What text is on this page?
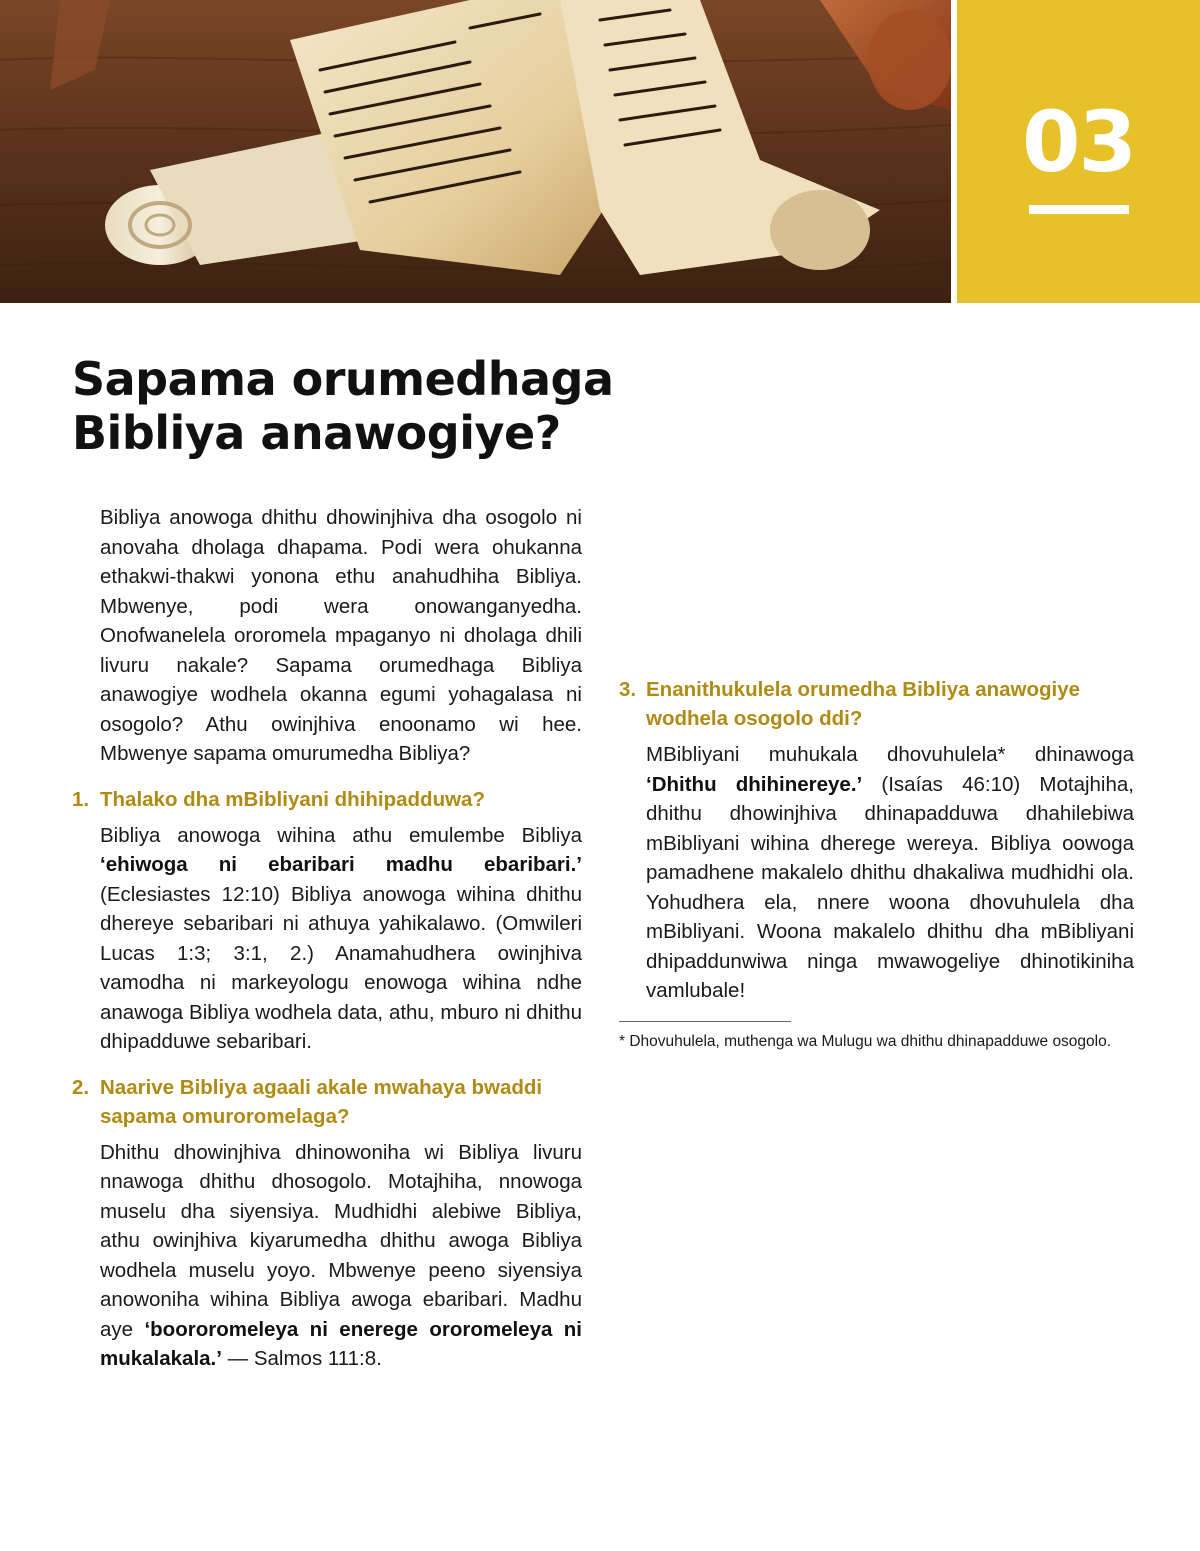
03
Sapama orumedhaga
Bibliya anawogiye?

Bibliya anowoga dhithu dhowinjhiva dha osogolo ni anovaha dholaga dhapama. Podi wera ohukanna ethakwi-thakwi yonona ethu anahudhiha Bibliya. Mbwenye, podi wera onowanganyedha. Onofwanelela ororomela mpaganyo ni dholaga dhili livuru nakale? Sapama orumedhaga Bibliya anawogiye wodhela okanna egumi yohagalasa ni osogolo? Athu owinjhiva enoonamo wi hee. Mbwenye sapama omurumedha Bibliya?

1. Thalako dha mBibliyani dhihipadduwa?

Bibliya anowoga wihina athu emulembe Bibliya ‘ehiwoga ni ebaribari madhu ebaribari.’ (Eclesiastes 12:10) Bibliya anowoga wihina dhithu dhereye sebaribari ni athuya yahikalawo. (Omwileri Lucas 1:3; 3:1, 2.) Anamahudhera owinjhiva vamodha ni markeyologu enowoga wihina ndhe anawoga Bibliya wodhela data, athu, mburo ni dhithu dhipadduwe sebaribari.

2. Naarive Bibliya agaali akale mwahaya bwaddi sapama omuroromelaga?

Dhithu dhowinjhiva dhinowoniha wi Bibliya livuru nnawoga dhithu dhosogolo. Motajhiha, nnowoga muselu dha siyensiya. Mudhidhi alebiwe Bibliya, athu owinjhiva kiyarumedha dhithu awoga Bibliya wodhela muselu yoyo. Mbwenye peeno siyensiya anowoniha wihina Bibliya awoga ebaribari. Madhu aye ‘boororomeleya ni enerege ororomeleya ni mukalakala.’ — Salmos 111:8.

3. Enanithukulela orumedha Bibliya anawogiye wodhela osogolo ddi?

MBibliyani muhukala dhovuhulela* dhinawoga ‘Dhithu dhihinereye.’ (Isaías 46:10) Motajhiha, dhithu dhowinjhiva dhinapadduwa dhahilebiwa mBibliyani wihina dherege wereya. Bibliya oowoga pamadhene makalelo dhithu dhakaliwa mudhidhi ola. Yohudhera ela, nnere woona dhovuhulela dha mBibliyani. Woona makalelo dhithu dha mBibliyani dhipaddunwiwa ninga mwawogeliye dhinotikiniha vamlubale!

* Dhovuhulela, muthenga wa Mulugu wa dhithu dhinapadduwe osogolo.
